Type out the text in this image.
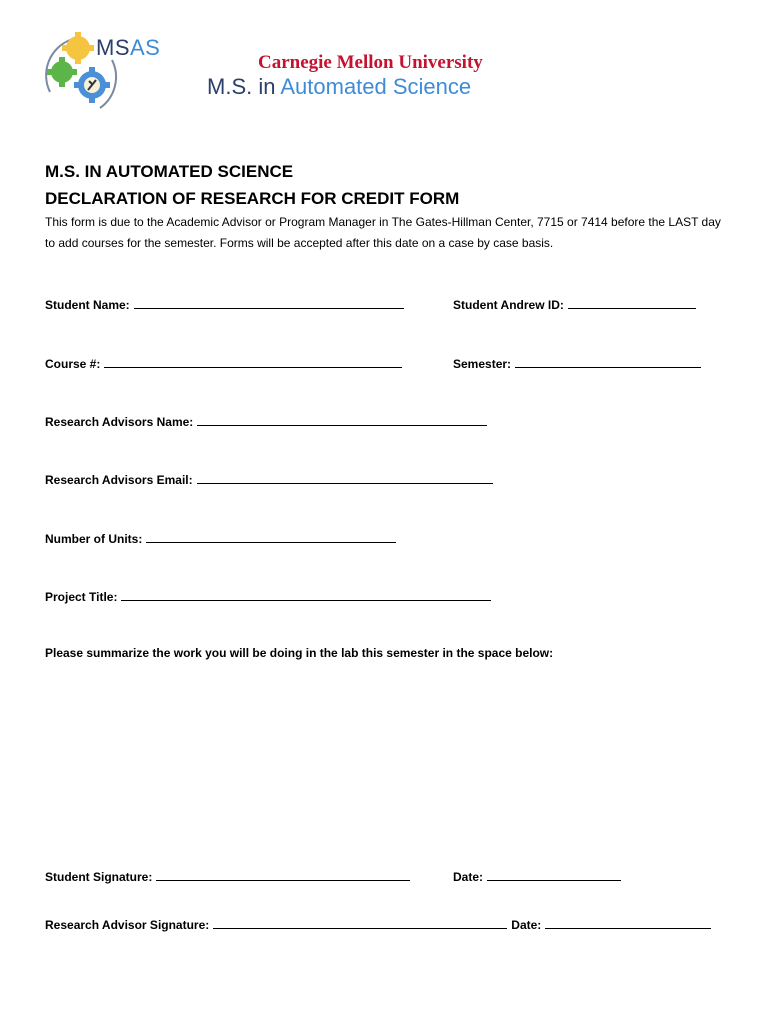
MSAS
Carnegie Mellon University
M.S. in Automated Science
M.S. IN AUTOMATED SCIENCE
DECLARATION OF RESEARCH FOR CREDIT FORM
This form is due to the Academic Advisor or Program Manager in The Gates-Hillman Center, 7715 or 7414 before the LAST day to add courses for the semester. Forms will be accepted after this date on a case by case basis.
Student Name:	Student Andrew ID:
Course #:	Semester:
Research Advisors Name:
Research Advisors Email:
Number of Units:
Project Title:
Please summarize the work you will be doing in the lab this semester in the space below:
Student Signature:	Date:
Research Advisor Signature:	Date:
